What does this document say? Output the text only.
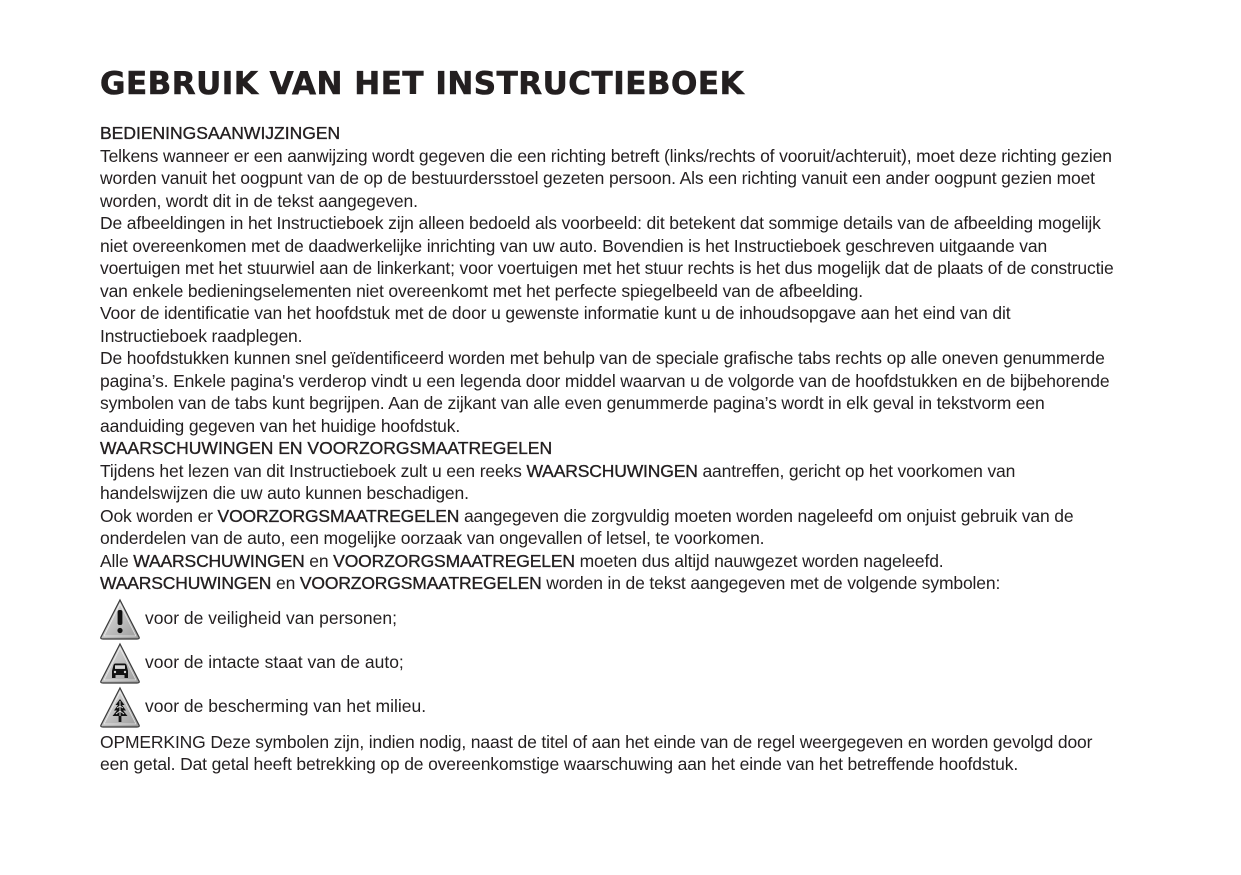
GEBRUIK VAN HET INSTRUCTIEBOEK

BEDIENINGSAANWIJZINGEN

Telkens wanneer er een aanwijzing wordt gegeven die een richting betreft (links/rechts of vooruit/achteruit), moet deze richting gezien worden vanuit het oogpunt van de op de bestuurdersstoel gezeten persoon. Als een richting vanuit een ander oogpunt gezien moet worden, wordt dit in de tekst aangegeven.

De afbeeldingen in het Instructieboek zijn alleen bedoeld als voorbeeld: dit betekent dat sommige details van de afbeelding mogelijk niet overeenkomen met de daadwerkelijke inrichting van uw auto. Bovendien is het Instructieboek geschreven uitgaande van voertuigen met het stuurwiel aan de linkerkant; voor voertuigen met het stuur rechts is het dus mogelijk dat de plaats of de constructie van enkele bedieningselementen niet overeenkomt met het perfecte spiegelbeeld van de afbeelding.

Voor de identificatie van het hoofdstuk met de door u gewenste informatie kunt u de inhoudsopgave aan het eind van dit Instructieboek raadplegen.

De hoofdstukken kunnen snel geïdentificeerd worden met behulp van de speciale grafische tabs rechts op alle oneven genummerde pagina’s. Enkele pagina's verderop vindt u een legenda door middel waarvan u de volgorde van de hoofdstukken en de bijbehorende symbolen van de tabs kunt begrijpen. Aan de zijkant van alle even genummerde pagina’s wordt in elk geval in tekstvorm een aanduiding gegeven van het huidige hoofdstuk.

WAARSCHUWINGEN EN VOORZORGSMAATREGELEN

Tijdens het lezen van dit Instructieboek zult u een reeks WAARSCHUWINGEN aantreffen, gericht op het voorkomen van handelswijzen die uw auto kunnen beschadigen.

Ook worden er VOORZORGSMAATREGELEN aangegeven die zorgvuldig moeten worden nageleefd om onjuist gebruik van de onderdelen van de auto, een mogelijke oorzaak van ongevallen of letsel, te voorkomen.

Alle WAARSCHUWINGEN en VOORZORGSMAATREGELEN moeten dus altijd nauwgezet worden nageleefd.

WAARSCHUWINGEN en VOORZORGSMAATREGELEN worden in de tekst aangegeven met de volgende symbolen:

voor de veiligheid van personen;
voor de intacte staat van de auto;
voor de bescherming van het milieu.

OPMERKING Deze symbolen zijn, indien nodig, naast de titel of aan het einde van de regel weergegeven en worden gevolgd door een getal. Dat getal heeft betrekking op de overeenkomstige waarschuwing aan het einde van het betreffende hoofdstuk.
